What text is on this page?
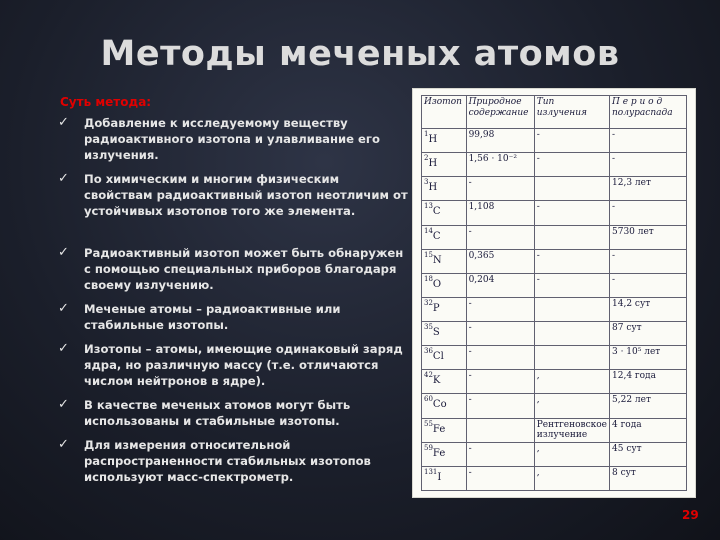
Методы меченых атомов
Суть метода:
✓ Добавление к исследуемому веществу радиоактивного изотопа и улавливание его излучения.
✓ По химическим и многим физическим свойствам радиоактивный изотоп неотличим от устойчивых изотопов того же элемента.
✓ Радиоактивный изотоп может быть обнаружен с помощью специальных приборов благодаря своему излучению.
✓ Меченые атомы – радиоактивные или стабильные изотопы.
✓ Изотопы – атомы, имеющие одинаковый заряд ядра, но различную массу (т.е. отличаются числом нейтронов в ядре).
✓ В качестве меченых атомов могут быть использованы и стабильные изотопы.
✓ Для измерения относительной распространенности стабильных изотопов используют масс-спектрометр.
Изотоп	Природное содержание	Тип излучения	П е р и о д полураспада
$^1$H	99,98	-	-
$^2$H	1,56 · 10⁻²	-	-
$^3$H	-		12,3 лет
$^{13}$C	1,108	-	-
$^{14}$C	-		5730 лет
$^{15}$N	0,365	-	-
$^{18}$O	0,204	-	-
$^{32}$P	-		14,2 сут
$^{35}$S	-		87 сут
$^{36}$Cl	-		3 · 10⁵ лет
$^{42}$K	-	,	12,4 года
$^{60}$Co	-	,	5,22 лет
$^{55}$Fe		Рентгеновское излучение	4 года
$^{59}$Fe	-	,	45 сут
$^{131}$I	-	,	8 сут
29
